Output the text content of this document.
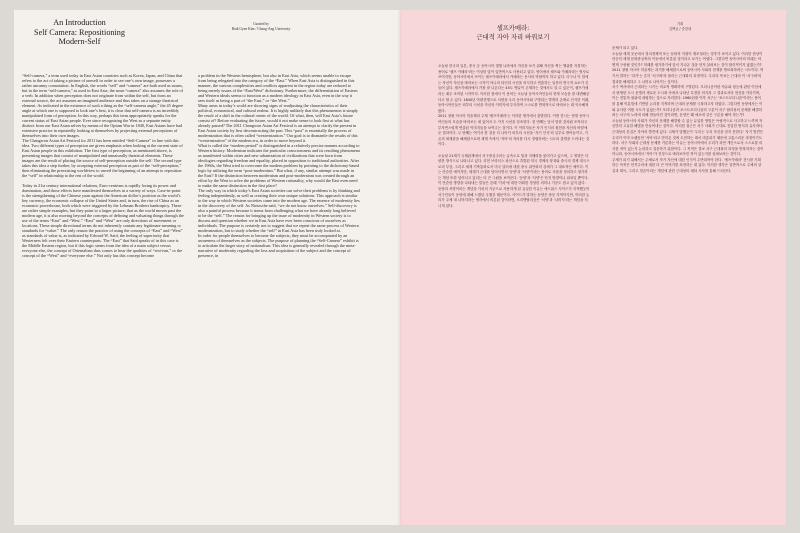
An Introduction
Self Camera: Repositioning Modern-Self
Curated by
Baik Gyen Kim / Chung-Ang University
“Self-camera,” a term used today in East Asian countries such as Korea, Japan, and China that refers to the act of taking a picture of oneself in order to see one’s own image, possesses a rather uncanny connotation. In English, the words “self” and “camera” are both used as nouns, but in the term “self-camera,” as used in East Asia, the noun “camera” also assumes the role of a verb. In addition when perception does not originate from within the self, but from an external source, the act assumes an imagined audience and thus takes on a strange theatrical element. As indicated in the existence of such a thing as the “self-camera angle,” the 45 degree angle at which one is supposed to look one’s best, it is clear that self-camera is an incredibly manipulated form of perception. In this way, perhaps this term appropriately speaks for the current status of East Asian people. Ever since recognizing the West as a separate entity distinct from our East Asian selves by means of the Opium War in 1840, East Asians have had extensive practice in repeatedly looking at themselves by projecting external perceptions of themselves into their own images.
The Changwon Asian Art Festival for 2011 has been entitled “Self-Camera” in line with this idea. Two different types of perception are given emphasis when looking at the current state of East Asian people in this exhibition. The first type of perception, as mentioned above, is presenting images that consist of manipulated and unnaturally theatrical elements. These images are the result of placing the source of self-perception outside the self. The second type takes this idea a step further, by accepting external perception as part of the “self-perception,” then eliminating the preexisting worldview to unveil the beginning of an attempt to reposition the “self” in relationship to the rest of the world.

Today in 21st century international relations, Euro-centrism is rapidly losing its power and domination, and those effects have manifested themselves in a variety of ways. Case-in-point is the strengthening of the Chinese yuan against the American dollar’s position as the world’s key currency, the economic collapse of the United States and, in turn, the rise of China as an economic powerhouse, both which were triggered by the Lehman Brothers bankruptcy. These are rather simple examples, but they point to a larger picture; that as the world moves past the modern age, it is also moving beyond the concepts of defining and valuating things through the use of the terms “East” and “West.” “East” and “West” are only directions of movement or locations. These simple directional terms do not inherently contain any legitimate meaning or standards for “value.” The only reason the practice of using the concepts of “East” and “West” as standards of value is, as indicated by Edward W. Said, the feeling of superiority that Westerners felt over their Eastern counterparts. The “East” that Said speaks of in this case is the Middle Eastern region, but if this logic stems from the idea of a main subject versus everyone else, the concept of Orientalism thus comes to bear the qualities of “rest-ism,” or the concept of the “West” and “everyone else.” Not only has this concept become
a problem in the Western hemisphere, but also in East Asia, which seems unable to escape from being relegated into the category of the “East.” When East Asia is distinguished in this manner, the various complexities and conflicts apparent in the region today are reduced to being merely issues of the “East/West” dichotomy. Furthermore, the differentiation of Eastern and Western ideals seems to function as a modern ideology in East Asia, even in the way it sees itself as being a part of “the East,” or “the West.”
Many areas in today’s world are showing signs of readjusting the characteristics of their political, economical, and cultural realms. It is highly unlikely that this phenomenon is simply the result of a shift in the cultural center of the world. Of what, then, will East Asia’s future consist of? Before evaluating the future, would it not make sense to look first at what has already passed? The 2011 Changwon Asian Art Festival is an attempt to clarify the present in East Asian society by first deconstructing the past. This “past” is essentially the process of modernization that is often called “westernization.” Our goal is to dismantle the results of this “westernization” of the modern era, in order to move beyond it.
What is called the “modern period” is distinguished in a relatively precise manner according to Western history. Modernism indicates the particular consciousness and its resulting phenomena as manifested within cities and new urbanization of civilizations that were born from ideologies regarding freedom and equality, placed in opposition to traditional authorities. After the 1960s, the West tried to overcome the modern problem by pointing to the dichotomy-based logic by utilizing the term “post-modernism.” But what, if any, similar attempt was made in the East? If the distinction between modernism and post-modernism was created through an effort by the West to solve the problems of Western rationality, why would the East even need to make the same distinction in the first place?
The only way in which today’s East Asian societies can solve their problems is by thinking and feeling independently, as well as creating their own unique solutions. This approach is similar to the way in which Western societies came into the modern age. The essence of modernity lies in the discovery of the self. As Nietzsche said, “we do not know ourselves.” Self-discovery is also a painful process because it stems from challenging what we have already long believed to be the “self.” The reason for bringing up the issue of modernity in Western society is to discuss and question whether we in East Asia have ever been conscious of ourselves as individuals. The purpose is certainly not to suggest that we repeat the same process of Western modernization, but to study whether the “self” in East Asia has been truly looked at.
In order for people themselves to become the subjects, they must be accompanied by an awareness of themselves as the subjects. The purpose of planning the “Self-Camera” exhibit is to articulate the larger story of nationalism. This idea is generally revealed through the meta-narrative of modernity regarding the loss and acquisition of the subject and the concept of presence, in
셀프카메라:
근대적 자아 자리 바꿔보기
기획
김백균 / 중앙대
오늘날 한국과 일본, 중국 등 동아시아 몇몇 나라에서 자신을 보기 위해 자신을 찍는 행위를 지칭하는 용어로 '셀프 카메라'라는 이상한 말이 일반적으로 사용되고 있다. 영어에서 셀프와 카메라라는 명사로 쓰이지만, 동아시아에서 쓰이는 셀프카메라에서 카메라는 동사의 역할까지 하고 있다. 더구나 이 말에는 자신이 자신을 바라보는 시각이 아니라 타인의 시선을 의식하고 연출하는 일종의 연극적 요소가 깃들어 있다. 셀프카메라에서 가장 잘 나온다는 45도 앵글이 존재하는 것에서도 알 수 있듯이, 셀프카메라는 매우 조작된 시각이다. 이러한 점에서 이 용어는 오늘날 동아시아인들의 현재 모습을 잘 대변해준다고 할 수 있다. 1840년 아편전쟁으로 서양을 우리 동아시아와 구별되는 별개의 존재로 인식한 이래, 동아시아인들은 외부의 시선을 자신의 이미지에 투사하여 스스로를 반복적으로 바라보는 데 익숙해져 왔다.
2011 창원 아시아 미술제의 주제 '셀프카메라'는 이러한 생각에서 출발한다. 이번 전시는 현재 동아시아인들의 모습을 바라보는 데 있어서 두 가지 시선을 강조한다. 첫 번째는 앞서 말한 것처럼 조작되고 부자연스럽게 연출된 이미지들을 보여주는 것이다. 이 이미지들은 자기 인식의 원천을 자신의 바깥에 둔 결과이다. 두 번째는 여기서 한 걸음 더 나아가 외부의 시선을 '자기 인식'의 일부로 받아들이고, 기존의 세계관을 해체함으로써 세계 속에서 '자아'의 자리를 다시 정립하려는 시도의 출발을 드러내는 것이다.

오늘날 21세기 국제관계에서 서구중심주의는 급속도로 힘과 지배력을 잃어가고 있으며, 그 영향은 다양한 방식으로 나타나고 있다. 리먼 브라더스 파산으로 촉발된 미국 경제의 붕괴와 중국의 경제 대국으로의 부상, 그리고 세계 기축통화로서 미국 달러에 대한 중국 위안화의 강세가 그 대표적인 예이다. 이는 단순한 예이지만, 세계가 근대를 넘어서면서 '동양'과 '서양'이라는 용어로 사물을 정의하고 평가하는 개념 또한 넘어서고 있다는 더 큰 그림을 보여준다. '동양'과 '서양'은 단지 방향이나 위치일 뿐이다. 이 단순한 방향을 나타내는 말들은 본래 '가치'에 대한 어떠한 정당한 의미나 기준도 담고 있지 않다. 동양과 서양이라는 개념을 가치의 기준으로 사용하게 된 유일한 이유는 에드워드 사이드가 지적했듯이 서구인들이 동양에 대해 느꼈던 우월감 때문이다. 사이드가 말하는 동양은 중동 지역이지만, 이러한 논리가 주체 대 나머지라는 생각에서 비롯된 것이라면, 오리엔탈리즘은 '서양'과 '나머지'라는 개념을 지니게 된다.
문제가 되고 있다.
오늘날 세계 곳곳에서 정치경제적 또는 문화적 지평이 재조정되는 징후가 보이고 있다. 이러한 현상이 단순히 세계 문화중심축의 이동에서 비롯된 것이라고 보기는 어렵다. 그렇다면 동아시아의 미래는 어떻게 구성될 것인가? 미래를 평가하기에 앞서 지나온 것을 먼저 살펴보는 것이 합리적이지 않겠는가? 2011 창원 아시아 미술제는 과거를 해체함으로써 동아시아 사회의 현재를 명료화하려는 시도이다. 여기서 말하는 '과거'는 흔히 '서구화'라 불리는 근대화의 과정이다. 우리의 목표는 근대의 이 '서구화'의 결과를 해체하고 그 너머로 나아가는 것이다.
서구 역사에서 근대라는 시기는 비교적 명확하게 구별된다. 모더니즘이란 자유와 평등에 관한 이념에서 탄생한 도시 문명과 새로운 도시화 속에서 나타난 특정한 의식과 그 결과로서의 현상을 가리키며, 이는 전통적 권위에 대립하는 것으로 자리한다. 1960년대 이후 서구는 '포스트모더니즘'이라는 용어를 통해 이분법에 기반한 논리를 지적하며 근대의 문제를 극복하고자 하였다. 그렇다면 동양에서는 이와 유사한 어떤 시도가 있었는가? 모더니즘과 포스트모더니즘의 구분이 서구 합리성의 문제를 해결하려는 서구의 노력에 의해 만들어진 것이라면, 동양은 왜 애초에 같은 구분을 해야 하는가?
오늘날 동아시아 사회가 자신의 문제를 해결할 수 있는 유일한 방법은 독립적으로 사고하고 느끼며 자신만의 고유한 해법을 만들어내는 것이다. 이러한 접근은 서구 사회가 근대로 진입한 방식과 유사하다. 근대성의 본질은 자아의 발견에 있다. 니체가 말했듯이 '우리는 우리 자신을 알지 못한다.' 자기 발견은 우리가 이미 오랫동안 '자아'라고 믿어온 것에 도전하는 데서 비롯되기 때문에 고통스러운 과정이기도 하다. 서구 사회의 근대성 문제를 거론하는 이유는 동아시아에서 우리가 과연 개인으로서 스스로를 의식한 적이 있는지 논의하고 질문하기 위함이다. 그 목적은 결코 서구 근대화의 과정을 반복하자는 것이 아니라, 동아시아에서 '자아'가 진정으로 바라보아진 적이 있는지를 살펴보려는 것이다.
주체가 되기 위해서는 주체로서 자기 자신에 대한 인식이 수반되어야 한다. '셀프카메라' 전시를 기획하는 목적은 민족주의에 대한 더 큰 이야기를 표현하는 데 있다. 이러한 생각은 일반적으로 주체의 상실과 획득, 그리고 현존이라는 개념에 관한 근대성의 메타 서사를 통해 드러난다.
